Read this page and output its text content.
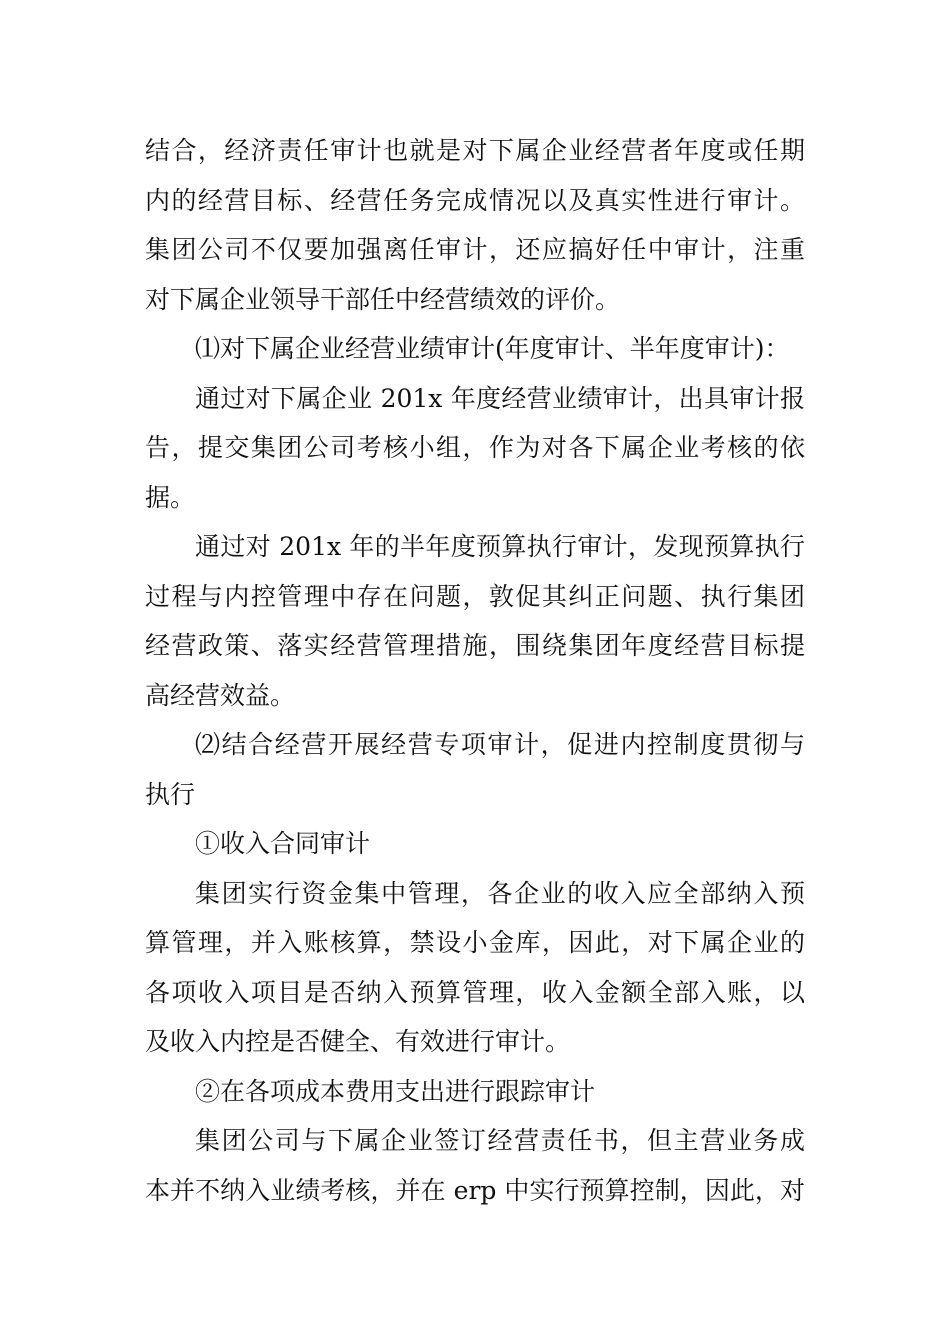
结合，经济责任审计也就是对下属企业经营者年度或任期
内的经营目标、经营任务完成情况以及真实性进行审计。
集团公司不仅要加强离任审计，还应搞好任中审计，注重
对下属企业领导干部任中经营绩效的评价。
⑴对下属企业经营业绩审计(年度审计、半年度审计)：
通过对下属企业 201x 年度经营业绩审计，出具审计报
告，提交集团公司考核小组，作为对各下属企业考核的依
据。
通过对 201x 年的半年度预算执行审计，发现预算执行
过程与内控管理中存在问题，敦促其纠正问题、执行集团
经营政策、落实经营管理措施，围绕集团年度经营目标提
高经营效益。
⑵结合经营开展经营专项审计，促进内控制度贯彻与
执行
①收入合同审计
集团实行资金集中管理，各企业的收入应全部纳入预
算管理，并入账核算，禁设小金库，因此，对下属企业的
各项收入项目是否纳入预算管理，收入金额全部入账，以
及收入内控是否健全、有效进行审计。
②在各项成本费用支出进行跟踪审计
集团公司与下属企业签订经营责任书，但主营业务成
本并不纳入业绩考核，并在 erp 中实行预算控制，因此，对
